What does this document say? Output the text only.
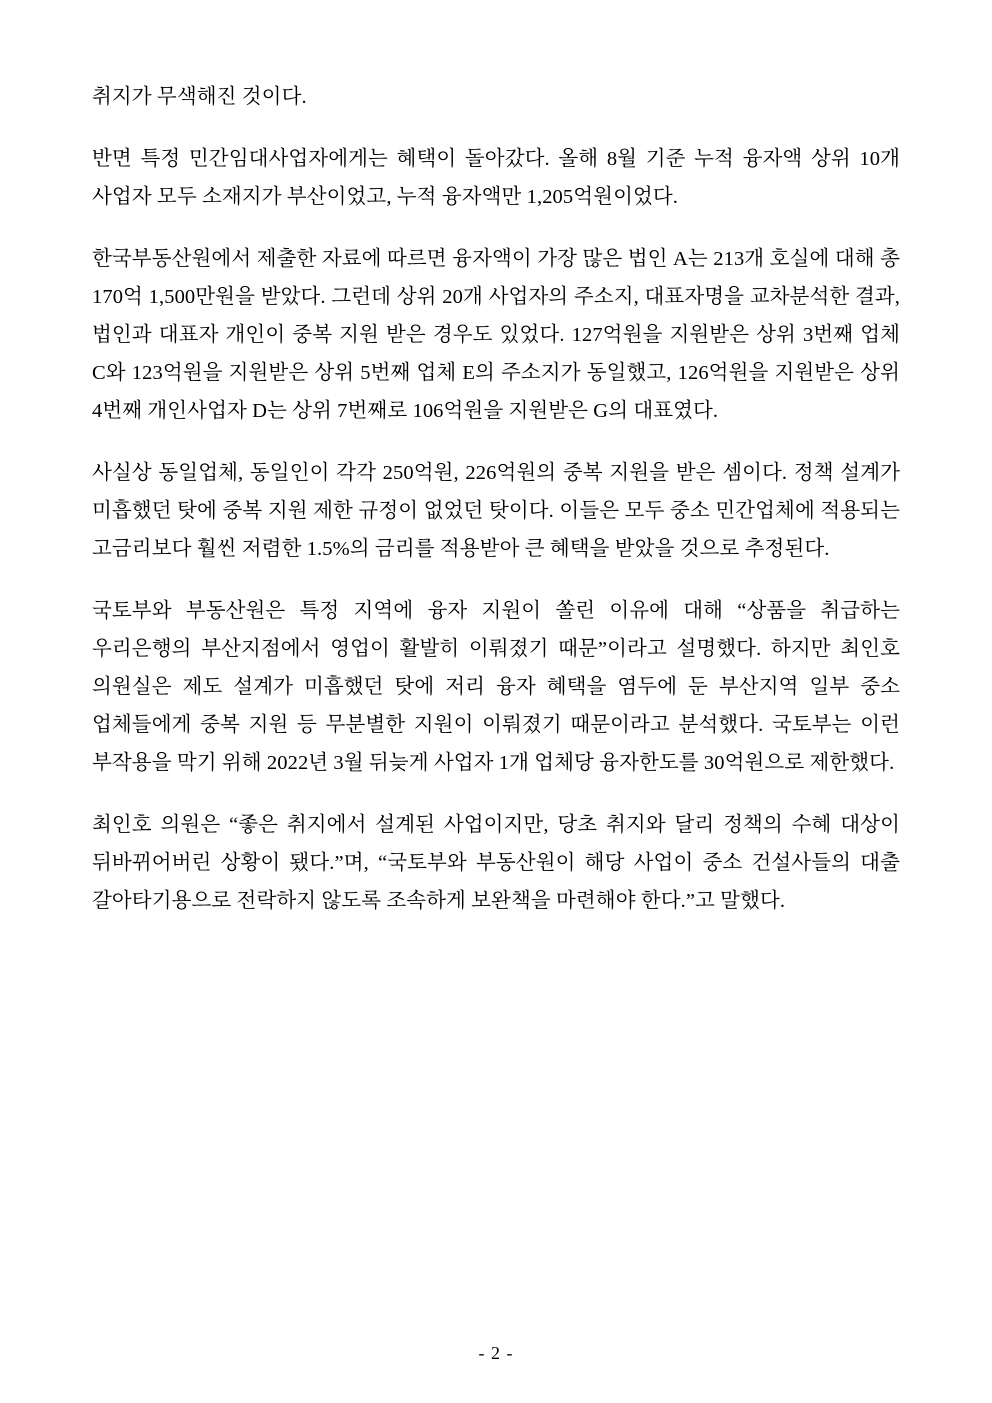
취지가 무색해진 것이다.

반면 특정 민간임대사업자에게는 혜택이 돌아갔다. 올해 8월 기준 누적 융자액 상위 10개 사업자 모두 소재지가 부산이었고, 누적 융자액만 1,205억원이었다.

한국부동산원에서 제출한 자료에 따르면 융자액이 가장 많은 법인 A는 213개 호실에 대해 총 170억 1,500만원을 받았다. 그런데 상위 20개 사업자의 주소지, 대표자명을 교차분석한 결과, 법인과 대표자 개인이 중복 지원 받은 경우도 있었다. 127억원을 지원받은 상위 3번째 업체 C와 123억원을 지원받은 상위 5번째 업체 E의 주소지가 동일했고, 126억원을 지원받은 상위 4번째 개인사업자 D는 상위 7번째로 106억원을 지원받은 G의 대표였다.

사실상 동일업체, 동일인이 각각 250억원, 226억원의 중복 지원을 받은 셈이다. 정책 설계가 미흡했던 탓에 중복 지원 제한 규정이 없었던 탓이다. 이들은 모두 중소 민간업체에 적용되는 고금리보다 훨씬 저렴한 1.5%의 금리를 적용받아 큰 혜택을 받았을 것으로 추정된다.

국토부와 부동산원은 특정 지역에 융자 지원이 쏠린 이유에 대해 “상품을 취급하는 우리은행의 부산지점에서 영업이 활발히 이뤄졌기 때문”이라고 설명했다. 하지만 최인호 의원실은 제도 설계가 미흡했던 탓에 저리 융자 혜택을 염두에 둔 부산지역 일부 중소 업체들에게 중복 지원 등 무분별한 지원이 이뤄졌기 때문이라고 분석했다. 국토부는 이런 부작용을 막기 위해 2022년 3월 뒤늦게 사업자 1개 업체당 융자한도를 30억원으로 제한했다.

최인호 의원은 “좋은 취지에서 설계된 사업이지만, 당초 취지와 달리 정책의 수혜 대상이 뒤바뀌어버린 상황이 됐다.”며, “국토부와 부동산원이 해당 사업이 중소 건설사들의 대출 갈아타기용으로 전락하지 않도록 조속하게 보완책을 마련해야 한다.”고 말했다.

- 2 -
